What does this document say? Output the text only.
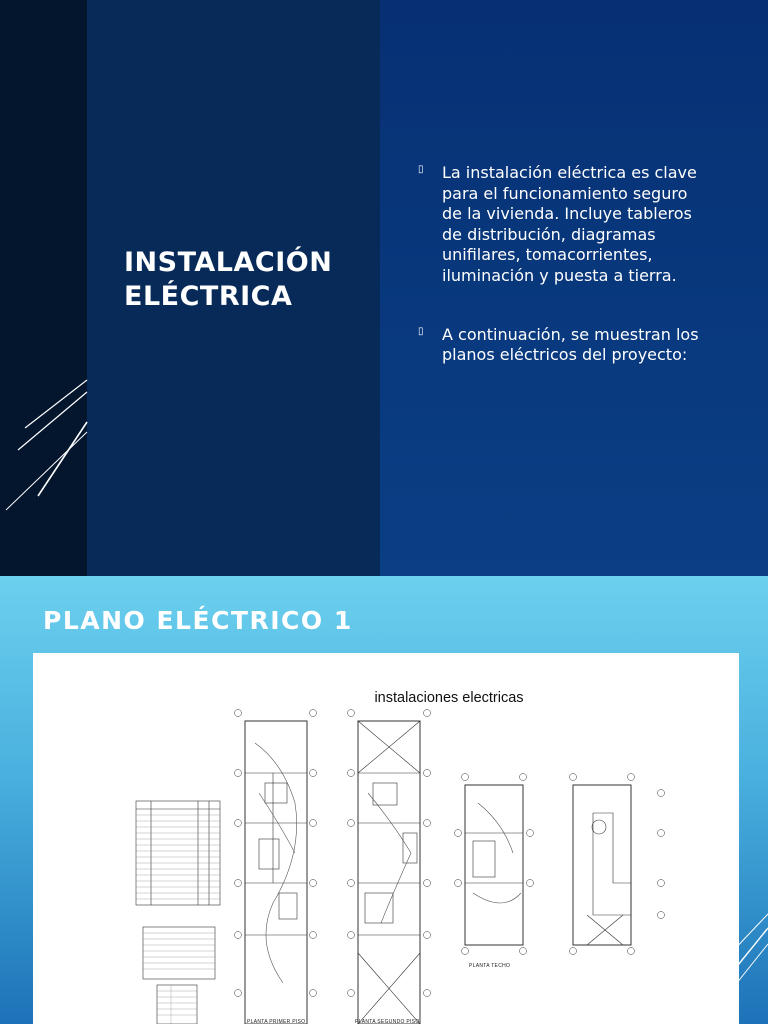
INSTALACIÓN
ELÉCTRICA
▯ La instalación eléctrica es clave para el funcionamiento seguro de la vivienda. Incluye tableros de distribución, diagramas unifilares, tomacorrientes, iluminación y puesta a tierra.
▯ A continuación, se muestran los planos eléctricos del proyecto:
PLANO ELÉCTRICO 1
instalaciones electricas
PLANTA PRIMER PISO	PLANTA SEGUNDO PISO
PLANTA TECHO
